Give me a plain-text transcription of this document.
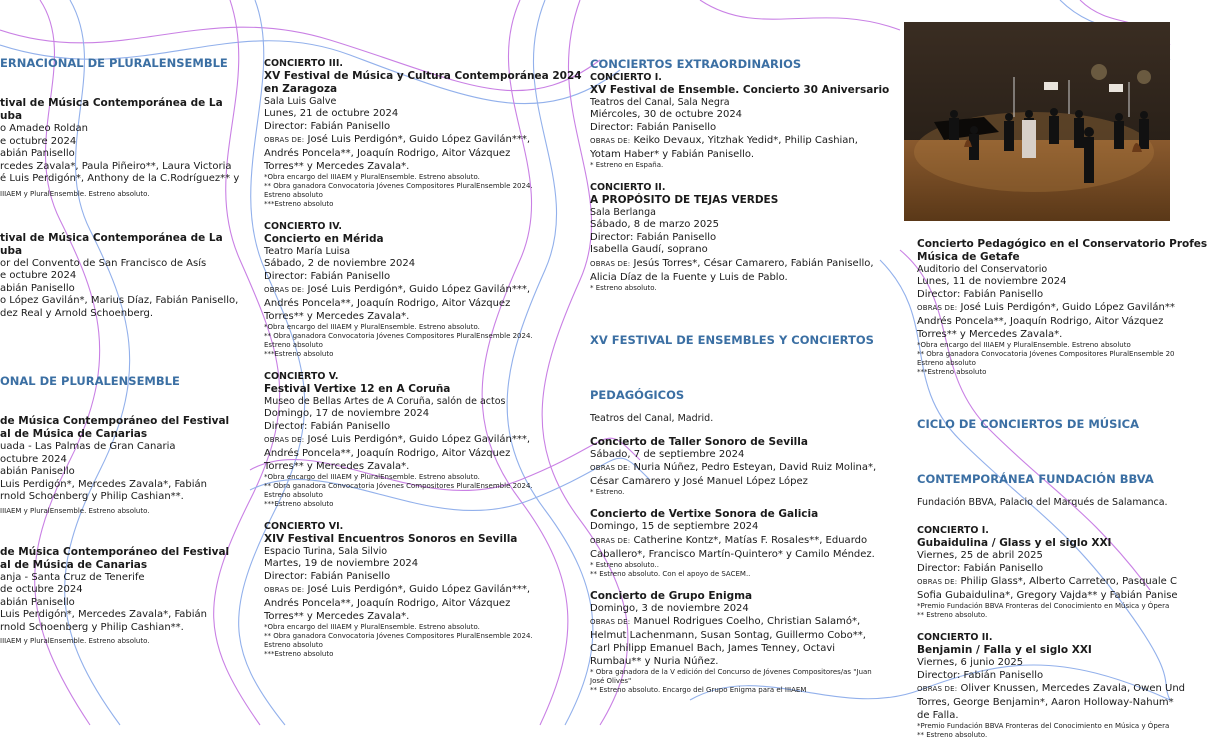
ERNACIONAL DE PLURALENSEMBLE
tival de Música Contemporánea de La
uba
o Amadeo Roldan
e octubre 2024
abián Panisello
rcedes Zavala*, Paula Piñeiro**, Laura Victoria
é Luis Perdigón*, Anthony de la C.Rodríguez** y
IIIAEM y PluralEnsemble. Estreno absoluto.
tival de Música Contemporánea de La
uba
or del Convento de San Francisco de Asís
e octubre 2024
abián Panisello
o López Gavilán*, Marius Díaz, Fabián Panisello,
dez Real y Arnold Schoenberg.
ONAL DE PLURALENSEMBLE
de Música Contemporáneo del Festival
al de Música de Canarias
uada - Las Palmas de Gran Canaria
octubre 2024
abián Panisello
Luis Perdigón*, Mercedes Zavala*, Fabián
rnold Schoenberg y Philip Cashian**.
IIIAEM y PluralEnsemble. Estreno absoluto.
de Música Contemporáneo del Festival
al de Música de Canarias
anja - Santa Cruz de Tenerife
de octubre 2024
abián Panisello
Luis Perdigón*, Mercedes Zavala*, Fabián
rnold Schoenberg y Philip Cashian**.
IIIAEM y PluralEnsemble. Estreno absoluto.
CONCIERTO III.
XV Festival de Música y Cultura Contemporánea 2024
en Zaragoza
Sala Luis Galve
Lunes, 21 de octubre 2024
Director: Fabián Panisello
OBRAS DE: José Luis Perdigón*, Guido López Gavilán***,
Andrés Poncela**, Joaquín Rodrigo, Aitor Vázquez
Torres** y Mercedes Zavala*.
*Obra encargo del IIIAEM y PluralEnsemble. Estreno absoluto.
** Obra ganadora Convocatoria Jóvenes Compositores PluralEnsemble 2024.
Estreno absoluto
***Estreno absoluto
CONCIERTO IV.
Concierto en Mérida
Teatro María Luisa
Sábado, 2 de noviembre 2024
Director: Fabián Panisello
OBRAS DE: José Luis Perdigón*, Guido López Gavilán***,
Andrés Poncela**, Joaquín Rodrigo, Aitor Vázquez
Torres** y Mercedes Zavala*.
*Obra encargo del IIIAEM y PluralEnsemble. Estreno absoluto.
** Obra ganadora Convocatoria Jóvenes Compositores PluralEnsemble 2024.
Estreno absoluto
***Estreno absoluto
CONCIERTO V.
Festival Vertixe 12 en A Coruña
Museo de Bellas Artes de A Coruña, salón de actos
Domingo, 17 de noviembre 2024
Director: Fabián Panisello
OBRAS DE: José Luis Perdigón*, Guido López Gavilán***,
Andrés Poncela**, Joaquín Rodrigo, Aitor Vázquez
Torres** y Mercedes Zavala*.
*Obra encargo del IIIAEM y PluralEnsemble. Estreno absoluto.
** Obra ganadora Convocatoria Jóvenes Compositores PluralEnsemble 2024.
Estreno absoluto
***Estreno absoluto
CONCIERTO VI.
XIV Festival Encuentros Sonoros en Sevilla
Espacio Turina, Sala Silvio
Martes, 19 de noviembre 2024
Director: Fabián Panisello
OBRAS DE: José Luis Perdigón*, Guido López Gavilán***,
Andrés Poncela**, Joaquín Rodrigo, Aitor Vázquez
Torres** y Mercedes Zavala*.
*Obra encargo del IIIAEM y PluralEnsemble. Estreno absoluto.
** Obra ganadora Convocatoria Jóvenes Compositores PluralEnsemble 2024.
Estreno absoluto
***Estreno absoluto
CONCIERTOS EXTRAORDINARIOS
CONCIERTO I.
XV Festival de Ensemble. Concierto 30 Aniversario
Teatros del Canal, Sala Negra
Miércoles, 30 de octubre 2024
Director: Fabián Panisello
OBRAS DE: Keiko Devaux, Yitzhak Yedid*, Philip Cashian,
Yotam Haber* y Fabián Panisello.
* Estreno en España.
CONCIERTO II.
A PROPÓSITO DE TEJAS VERDES
Sala Berlanga
Sábado, 8 de marzo 2025
Director: Fabián Panisello
Isabella Gaudí, soprano
OBRAS DE: Jesús Torres*, César Camarero, Fabián Panisello,
Alicia Díaz de la Fuente y Luis de Pablo.
* Estreno absoluto.
XV FESTIVAL DE ENSEMBLES Y CONCIERTOS
PEDAGÓGICOS
Teatros del Canal, Madrid.
Concierto de Taller Sonoro de Sevilla
Sábado, 7 de septiembre 2024
OBRAS DE: Nuria Núñez, Pedro Esteyan, David Ruiz Molina*,
César Camarero y José Manuel López López
* Estreno.
Concierto de Vertixe Sonora de Galicia
Domingo, 15 de septiembre 2024
OBRAS DE: Catherine Kontz*, Matías F. Rosales**, Eduardo
Caballero*, Francisco Martín-Quintero* y Camilo Méndez.
* Estreno absoluto..
** Estreno absoluto. Con el apoyo de SACEM..
Concierto de Grupo Enigma
Domingo, 3 de noviembre 2024
OBRAS DE: Manuel Rodrigues Coelho, Christian Salamó*,
Helmut Lachenmann, Susan Sontag, Guillermo Cobo**,
Carl Philipp Emanuel Bach, James Tenney, Octavi
Rumbau** y Nuria Núñez.
* Obra ganadora de la V edición del Concurso de Jóvenes Compositores/as "Juan
José Olives"
** Estreno absoluto. Encargo del Grupo Enigma para el IIIAEM
Concierto Pedagógico en el Conservatorio Profes
Música de Getafe
Auditorio del Conservatorio
Lunes, 11 de noviembre 2024
Director: Fabián Panisello
OBRAS DE: José Luis Perdigón*, Guido López Gavilán**
Andrés Poncela**, Joaquín Rodrigo, Aitor Vázquez
Torres** y Mercedes Zavala*.
*Obra encargo del IIIAEM y PluralEnsemble. Estreno absoluto
** Obra ganadora Convocatoria Jóvenes Compositores PluralEnsemble 20
Estreno absoluto
***Estreno absoluto
CICLO DE CONCIERTOS DE MÚSICA
CONTEMPORÁNEA FUNDACIÓN BBVA
Fundación BBVA, Palacio del Marqués de Salamanca.
CONCIERTO I.
Gubaidulina / Glass y el siglo XXI
Viernes, 25 de abril 2025
Director: Fabián Panisello
OBRAS DE: Philip Glass*, Alberto Carretero, Pasquale C
Sofia Gubaidulina*, Gregory Vajda** y Fabián Panise
*Premio Fundación BBVA Fronteras del Conocimiento en Música y Ópera
** Estreno absoluto.
CONCIERTO II.
Benjamin / Falla y el siglo XXI
Viernes, 6 junio 2025
Director: Fabián Panisello
OBRAS DE: Oliver Knussen, Mercedes Zavala, Owen Und
Torres, George Benjamin*, Aaron Holloway-Nahum*
de Falla.
*Premio Fundación BBVA Fronteras del Conocimiento en Música y Ópera
** Estreno absoluto.
